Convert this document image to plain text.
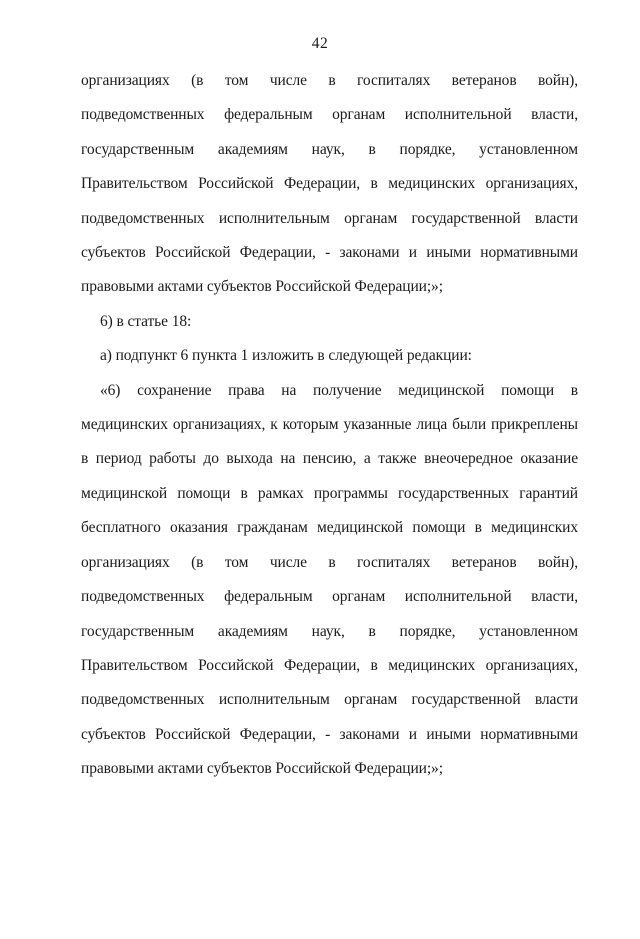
42
организациях (в том числе в госпиталях ветеранов войн),
подведомственных федеральным органам исполнительной власти,
государственным академиям наук, в порядке, установленном
Правительством Российской Федерации, в медицинских организациях,
подведомственных исполнительным органам государственной власти
субъектов Российской Федерации, - законами и иными нормативными
правовыми актами субъектов Российской Федерации;»;
6) в статье 18:
а) подпункт 6 пункта 1 изложить в следующей редакции:
«6) сохранение права на получение медицинской помощи в
медицинских организациях, к которым указанные лица были прикреплены
в период работы до выхода на пенсию, а также внеочередное оказание
медицинской помощи в рамках программы государственных гарантий
бесплатного оказания гражданам медицинской помощи в медицинских
организациях (в том числе в госпиталях ветеранов войн),
подведомственных федеральным органам исполнительной власти,
государственным академиям наук, в порядке, установленном
Правительством Российской Федерации, в медицинских организациях,
подведомственных исполнительным органам государственной власти
субъектов Российской Федерации, - законами и иными нормативными
правовыми актами субъектов Российской Федерации;»;
